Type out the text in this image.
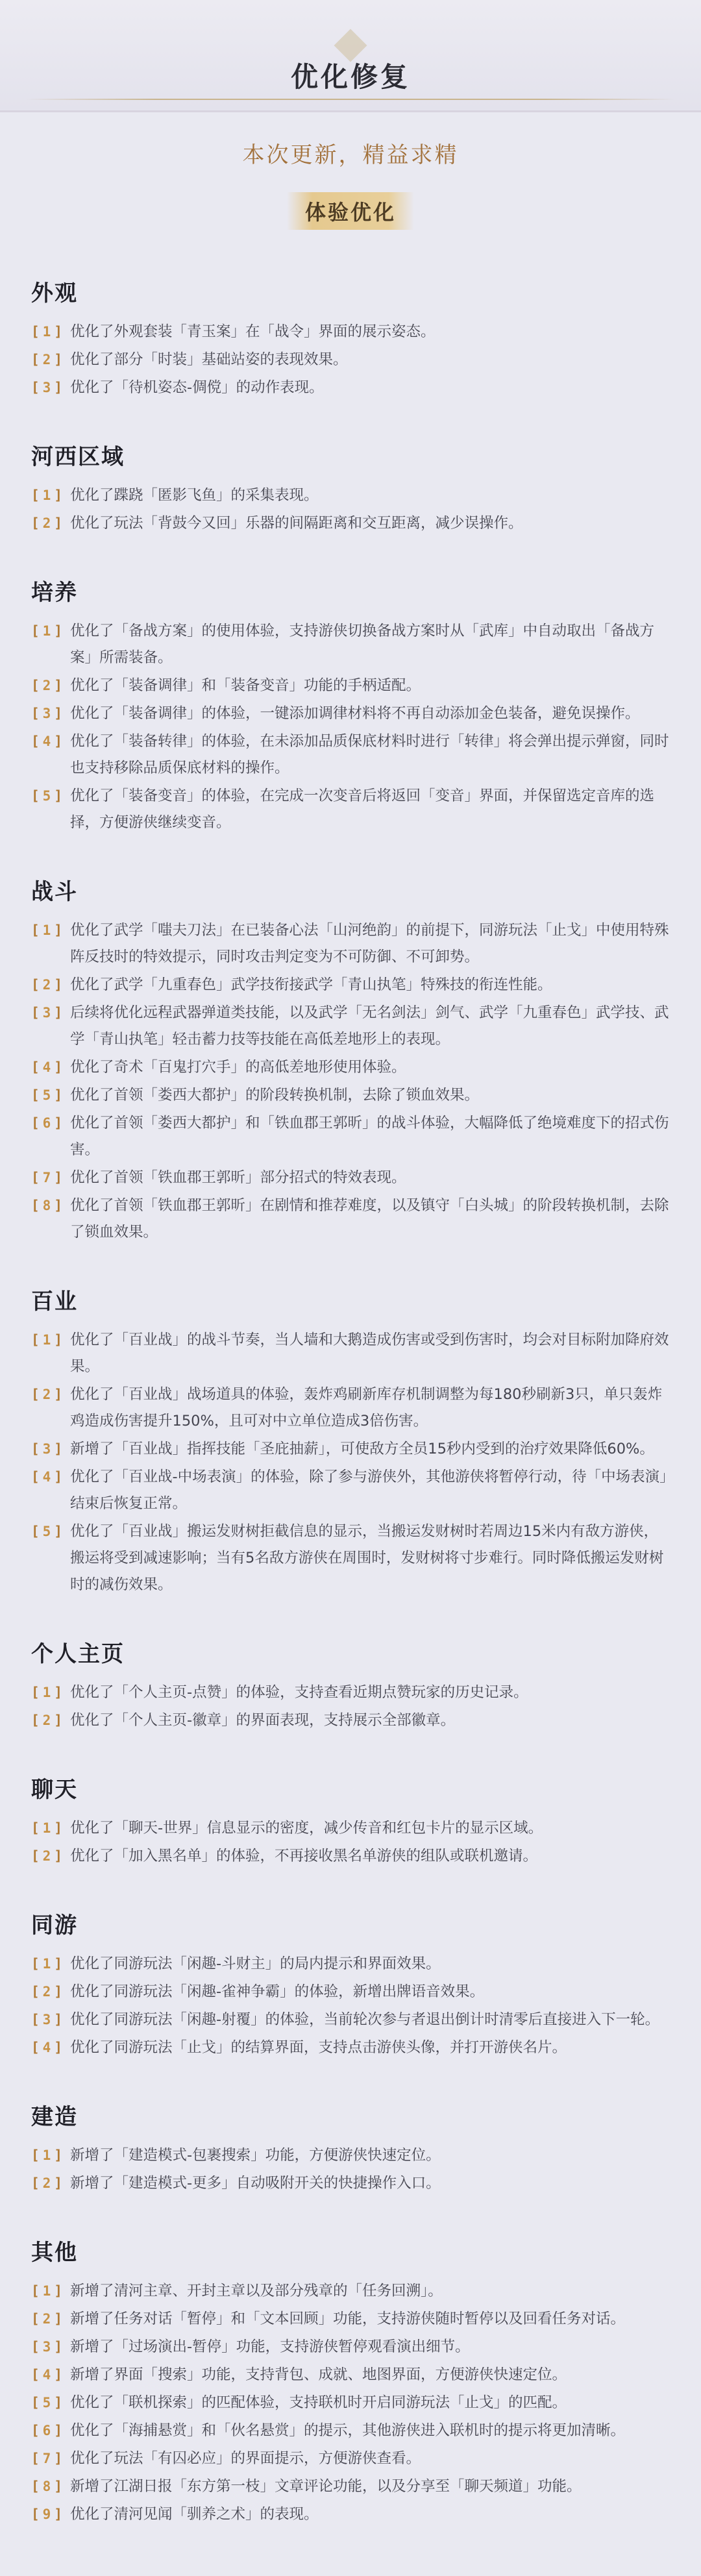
优化修复
本次更新，精益求精
体验优化
外观
[ 1 ] 优化了外观套装「青玉案」在「战令」界面的展示姿态。
[ 2 ] 优化了部分「时装」基础站姿的表现效果。
[ 3 ] 优化了「待机姿态-倜傥」的动作表现。
河西区域
[ 1 ] 优化了蹀跷「匿影飞鱼」的采集表现。
[ 2 ] 优化了玩法「背鼓今又回」乐器的间隔距离和交互距离，减少误操作。
培养
[ 1 ] 优化了「备战方案」的使用体验，支持游侠切换备战方案时从「武库」中自动取出「备战方案」所需装备。
[ 2 ] 优化了「装备调律」和「装备变音」功能的手柄适配。
[ 3 ] 优化了「装备调律」的体验，一键添加调律材料将不再自动添加金色装备，避免误操作。
[ 4 ] 优化了「装备转律」的体验，在未添加品质保底材料时进行「转律」将会弹出提示弹窗，同时也支持移除品质保底材料的操作。
[ 5 ] 优化了「装备变音」的体验，在完成一次变音后将返回「变音」界面，并保留选定音库的选择，方便游侠继续变音。
战斗
[ 1 ] 优化了武学「嗤夫刀法」在已装备心法「山河绝韵」的前提下，同游玩法「止戈」中使用特殊阵反技时的特效提示，同时攻击判定变为不可防御、不可卸势。
[ 2 ] 优化了武学「九重春色」武学技衔接武学「青山执笔」特殊技的衔连性能。
[ 3 ] 后续将优化远程武器弹道类技能，以及武学「无名剑法」剑气、武学「九重春色」武学技、武学「青山执笔」轻击蓄力技等技能在高低差地形上的表现。
[ 4 ] 优化了奇术「百鬼打穴手」的高低差地形使用体验。
[ 5 ] 优化了首领「娄西大都护」的阶段转换机制，去除了锁血效果。
[ 6 ] 优化了首领「娄西大都护」和「铁血郡王郭昕」的战斗体验，大幅降低了绝境难度下的招式伤害。
[ 7 ] 优化了首领「铁血郡王郭昕」部分招式的特效表现。
[ 8 ] 优化了首领「铁血郡王郭昕」在剧情和推荐难度，以及镇守「白头城」的阶段转换机制，去除了锁血效果。
百业
[ 1 ] 优化了「百业战」的战斗节奏，当人墙和大鹅造成伤害或受到伤害时，均会对目标附加降府效果。
[ 2 ] 优化了「百业战」战场道具的体验，轰炸鸡刷新库存机制调整为每180秒刷新3只，单只轰炸鸡造成伤害提升150%，且可对中立单位造成3倍伤害。
[ 3 ] 新增了「百业战」指挥技能「圣庇抽薪」，可使敌方全员15秒内受到的治疗效果降低60%。
[ 4 ] 优化了「百业战-中场表演」的体验，除了参与游侠外，其他游侠将暂停行动，待「中场表演」结束后恢复正常。
[ 5 ] 优化了「百业战」搬运发财树拒截信息的显示，当搬运发财树时若周边15米内有敌方游侠，搬运将受到减速影响；当有5名敌方游侠在周围时，发财树将寸步难行。同时降低搬运发财树时的减伤效果。
个人主页
[ 1 ] 优化了「个人主页-点赞」的体验，支持查看近期点赞玩家的历史记录。
[ 2 ] 优化了「个人主页-徽章」的界面表现，支持展示全部徽章。
聊天
[ 1 ] 优化了「聊天-世界」信息显示的密度，减少传音和红包卡片的显示区域。
[ 2 ] 优化了「加入黑名单」的体验，不再接收黑名单游侠的组队或联机邀请。
同游
[ 1 ] 优化了同游玩法「闲趣-斗财主」的局内提示和界面效果。
[ 2 ] 优化了同游玩法「闲趣-雀神争霸」的体验，新增出牌语音效果。
[ 3 ] 优化了同游玩法「闲趣-射覆」的体验，当前轮次参与者退出倒计时清零后直接进入下一轮。
[ 4 ] 优化了同游玩法「止戈」的结算界面，支持点击游侠头像，并打开游侠名片。
建造
[ 1 ] 新增了「建造模式-包裹搜索」功能，方便游侠快速定位。
[ 2 ] 新增了「建造模式-更多」自动吸附开关的快捷操作入口。
其他
[ 1 ] 新增了清河主章、开封主章以及部分残章的「任务回溯」。
[ 2 ] 新增了任务对话「暂停」和「文本回顾」功能，支持游侠随时暂停以及回看任务对话。
[ 3 ] 新增了「过场演出-暂停」功能，支持游侠暂停观看演出细节。
[ 4 ] 新增了界面「搜索」功能，支持背包、成就、地图界面，方便游侠快速定位。
[ 5 ] 优化了「联机探索」的匹配体验，支持联机时开启同游玩法「止戈」的匹配。
[ 6 ] 优化了「海捕悬赏」和「伙名悬赏」的提示，其他游侠进入联机时的提示将更加清晰。
[ 7 ] 优化了玩法「有囚必应」的界面提示，方便游侠查看。
[ 8 ] 新增了江湖日报「东方第一枝」文章评论功能，以及分享至「聊天频道」功能。
[ 9 ] 优化了清河见闻「驯养之术」的表现。
